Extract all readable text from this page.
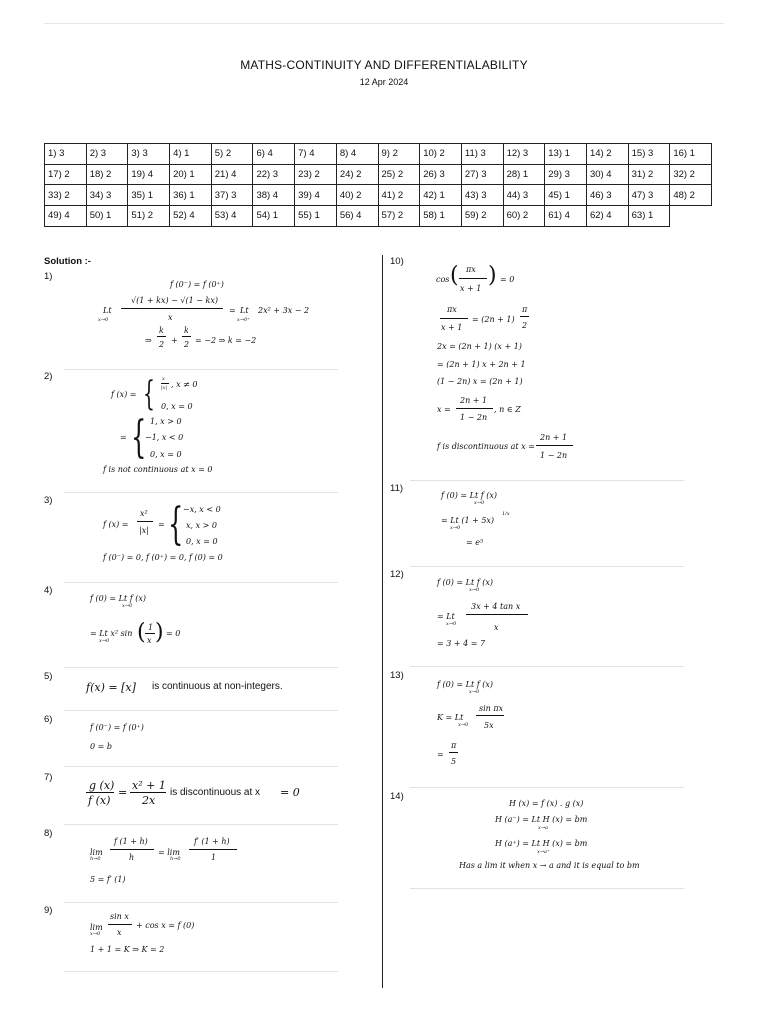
MATHS-CONTINUITY AND DIFFERENTIALABILITY
12 Apr 2024
1) 3	2) 3	3) 3	4) 1	5) 2	6) 4	7) 4	8) 4	9) 2	10) 2	11) 3	12) 3	13) 1	14) 2	15) 3	16) 1
17) 2	18) 2	19) 4	20) 1	21) 4	22) 3	23) 2	24) 2	25) 2	26) 3	27) 3	28) 1	29) 3	30) 4	31) 2	32) 2
33) 2	34) 3	35) 1	36) 1	37) 3	38) 4	39) 4	40) 2	41) 2	42) 1	43) 3	44) 3	45) 1	46) 3	47) 3	48) 2
49) 4	50) 1	51) 2	52) 4	53) 4	54) 1	55) 1	56) 4	57) 2	58) 1	59) 2	60) 2	61) 4	62) 4	63) 1	
Solution :-
1)
2)
3)
4)
5)
6)
7)
8)
9)
10)
11)
12)
13)
14)
f (0⁻) = f (0⁺)
Lt
x→0
√(1 + kx) − √(1 − kx)
x
= Lt
x→0⁺
2x² + 3x − 2
⇒
k
2 +
k
2 = −2 ⇒ k = −2
f (x) = { x
|x| , x ≠ 0
0, x = 0
= { 1, x > 0
−1, x < 0
0, x = 0
f is not continuous at x = 0
f (x) =
x²
|x|
= { −x, x < 0
x, x > 0
0, x = 0
f (0⁻) = 0, f (0⁺) = 0, f (0) = 0
f (0) = Lt f (x)
x→0
= Lt x² sin
x→0 ( 1
x ) = 0
f(x) = [x] is continuous at non-integers.
f (0⁻) = f (0⁺)
0 = b
g (x)
f (x)
=
x² + 1
2x
is discontinuous at x = 0
lim
h→0
f (1 + h)
h
= lim
h→0
f′ (1 + h)
1
5 = f′ (1)
lim
x→0
sin x
x
+ cos x = f (0)
1 + 1 = K ⇒ K = 2
cos ( πx
x + 1
) = 0
πx
x + 1
= (2n + 1)
π
2
2x = (2n + 1) (x + 1)
= (2n + 1) x + 2n + 1
(1 − 2n) x = (2n + 1)
x =
2n + 1
1 − 2n
, n ∈ Z
f is discontinuous at x =
2n + 1
1 − 2n
f (0) = Lt f (x)
x→0
= Lt (1 + 5x)
x→0
1/x
= e⁵
f (0) = Lt f (x)
x→0
= Lt
x→0
3x + 4 tan x
x
= 3 + 4 = 7
f (0) = Lt f (x)
x→0
K = Lt
x→0
sin πx
5x
=
π
5
H (x) = f (x) . g (x)
H (a⁻) = Lt H (x) = bm
x→a
H (a⁺) = Lt H (x) = bm
x→a⁺
Has a lim it when x → a and it is equal to bm
